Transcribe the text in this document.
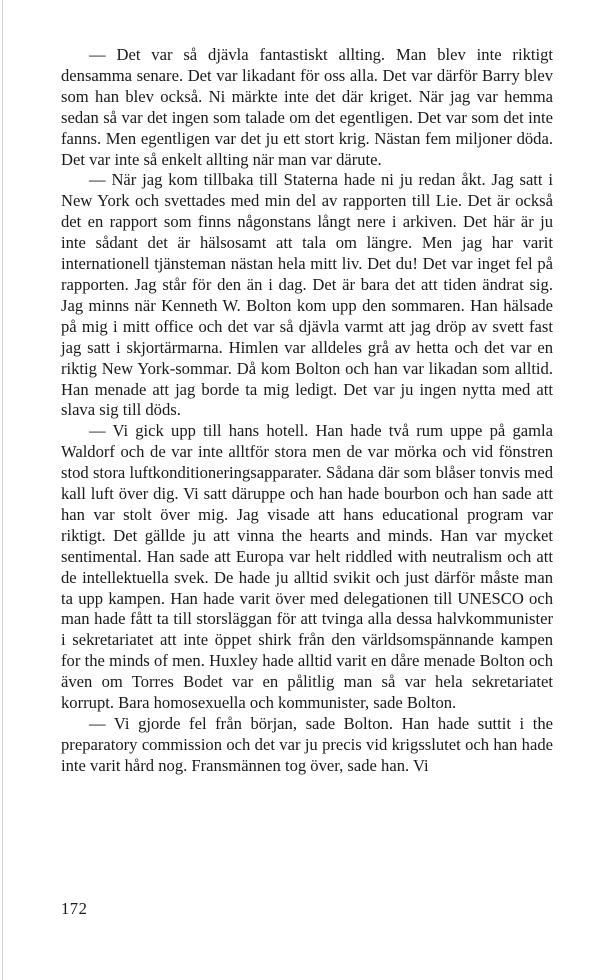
— Det var så djävla fantastiskt allting. Man blev inte riktigt densamma senare. Det var likadant för oss alla. Det var därför Barry blev som han blev också. Ni märkte inte det där kriget. När jag var hemma sedan så var det ingen som talade om det egentligen. Det var som det inte fanns. Men egentligen var det ju ett stort krig. Nästan fem miljoner döda. Det var inte så enkelt allting när man var därute.

— När jag kom tillbaka till Staterna hade ni ju redan åkt. Jag satt i New York och svettades med min del av rapporten till Lie. Det är också det en rapport som finns någonstans långt nere i arkiven. Det här är ju inte sådant det är hälsosamt att tala om längre. Men jag har varit internationell tjänsteman nästan hela mitt liv. Det du! Det var inget fel på rapporten. Jag står för den än i dag. Det är bara det att tiden ändrat sig. Jag minns när Kenneth W. Bolton kom upp den sommaren. Han hälsade på mig i mitt office och det var så djävla varmt att jag dröp av svett fast jag satt i skjortärmarna. Himlen var alldeles grå av hetta och det var en riktig New York-sommar. Då kom Bolton och han var likadan som alltid. Han menade att jag borde ta mig ledigt. Det var ju ingen nytta med att slava sig till döds.

— Vi gick upp till hans hotell. Han hade två rum uppe på gamla Waldorf och de var inte alltför stora men de var mörka och vid fönstren stod stora luftkonditioneringsapparater. Sådana där som blåser tonvis med kall luft över dig. Vi satt däruppe och han hade bourbon och han sade att han var stolt över mig. Jag visade att hans educational program var riktigt. Det gällde ju att vinna the hearts and minds. Han var mycket sentimental. Han sade att Europa var helt riddled with neutralism och att de intellektuella svek. De hade ju alltid svikit och just därför måste man ta upp kampen. Han hade varit över med delegationen till UNESCO och man hade fått ta till storsläggan för att tvinga alla dessa halvkommunister i sekretariatet att inte öppet shirk från den världsomspännande kampen for the minds of men. Huxley hade alltid varit en dåre menade Bolton och även om Torres Bodet var en pålitlig man så var hela sekretariatet korrupt. Bara homosexuella och kommunister, sade Bolton.

— Vi gjorde fel från början, sade Bolton. Han hade suttit i the preparatory commission och det var ju precis vid krigsslutet och han hade inte varit hård nog. Fransmännen tog över, sade han. Vi

172
